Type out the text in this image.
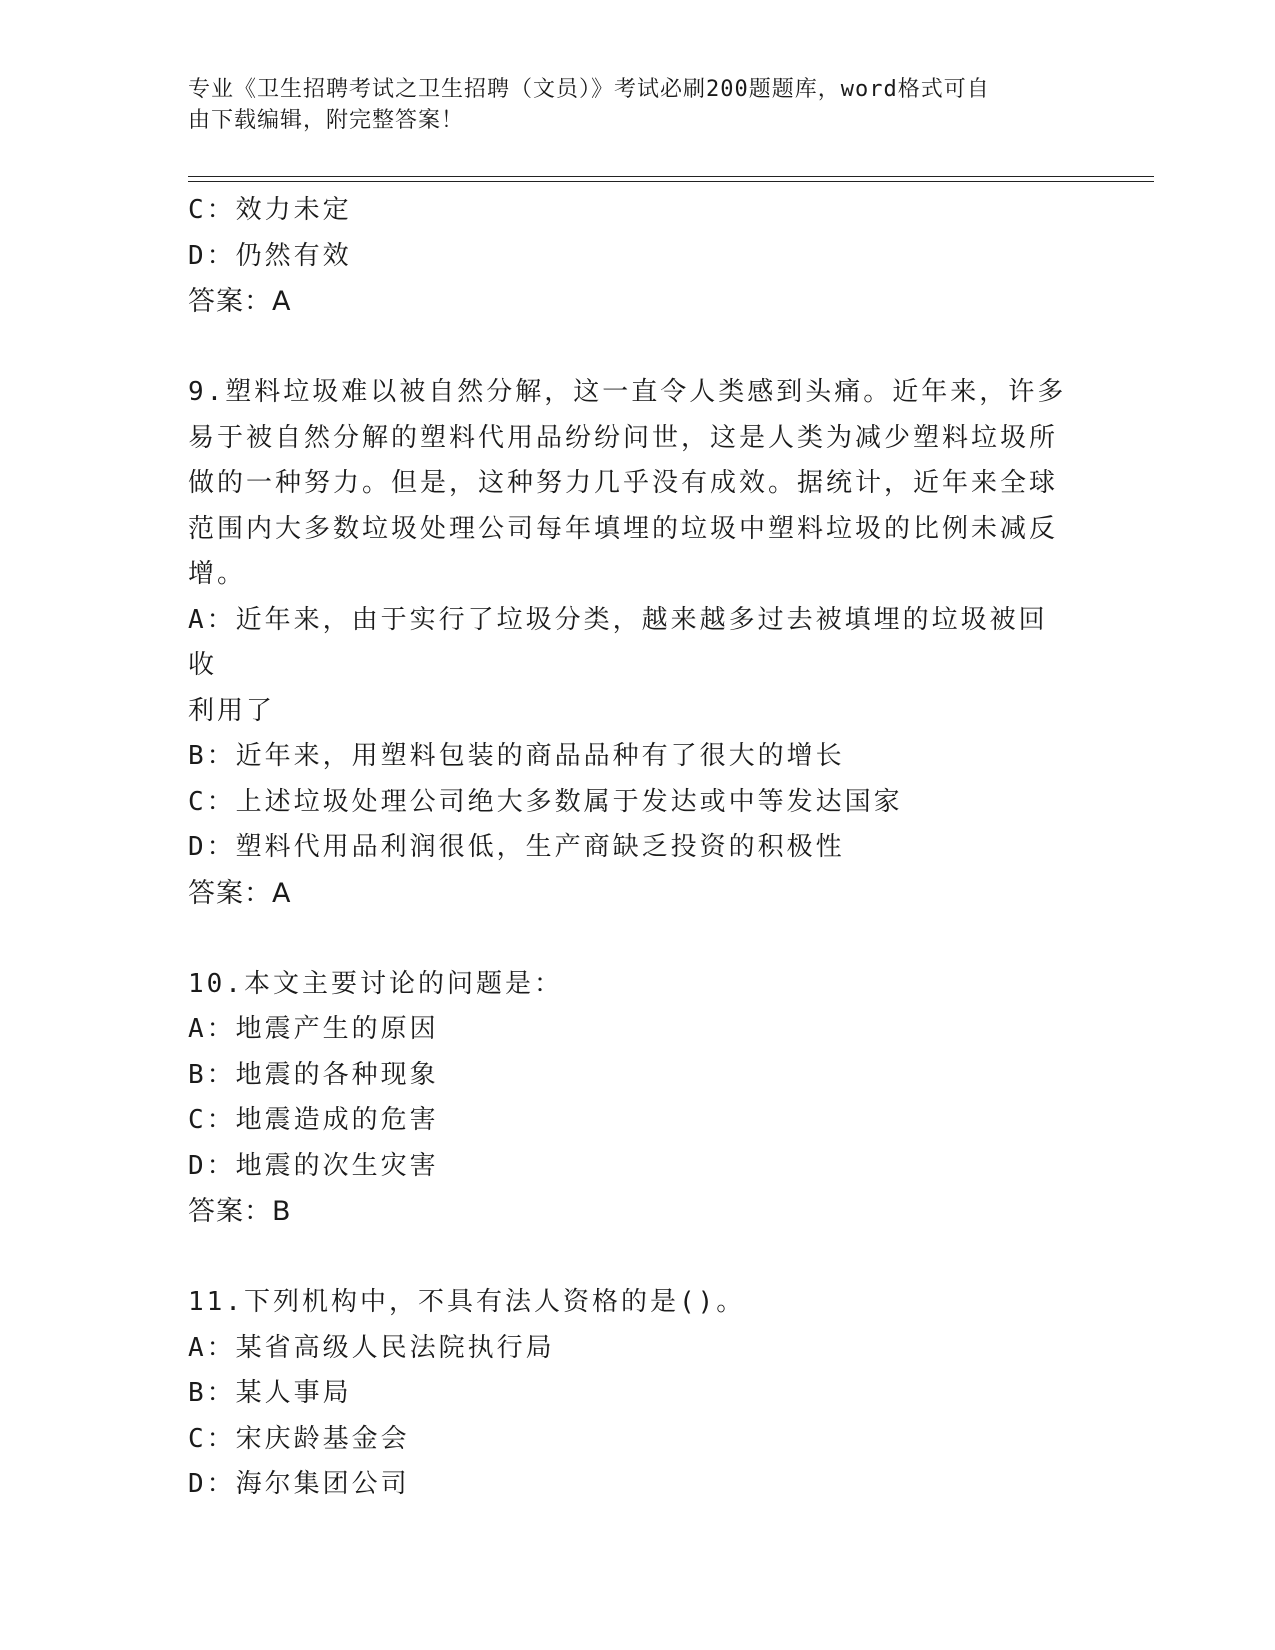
专业《卫生招聘考试之卫生招聘（文员）》考试必刷200题题库，word格式可自
由下载编辑，附完整答案！
C：效力未定
D：仍然有效
答案：A
9.塑料垃圾难以被自然分解，这一直令人类感到头痛。近年来，许多
易于被自然分解的塑料代用品纷纷问世，这是人类为减少塑料垃圾所
做的一种努力。但是，这种努力几乎没有成效。据统计，近年来全球
范围内大多数垃圾处理公司每年填埋的垃圾中塑料垃圾的比例未减反
增。
A：近年来，由于实行了垃圾分类，越来越多过去被填埋的垃圾被回收
利用了
B：近年来，用塑料包装的商品品种有了很大的增长
C：上述垃圾处理公司绝大多数属于发达或中等发达国家
D：塑料代用品利润很低，生产商缺乏投资的积极性
答案：A
10.本文主要讨论的问题是：
A：地震产生的原因
B：地震的各种现象
C：地震造成的危害
D：地震的次生灾害
答案：B
11.下列机构中，不具有法人资格的是()。
A：某省高级人民法院执行局
B：某人事局
C：宋庆龄基金会
D：海尔集团公司
